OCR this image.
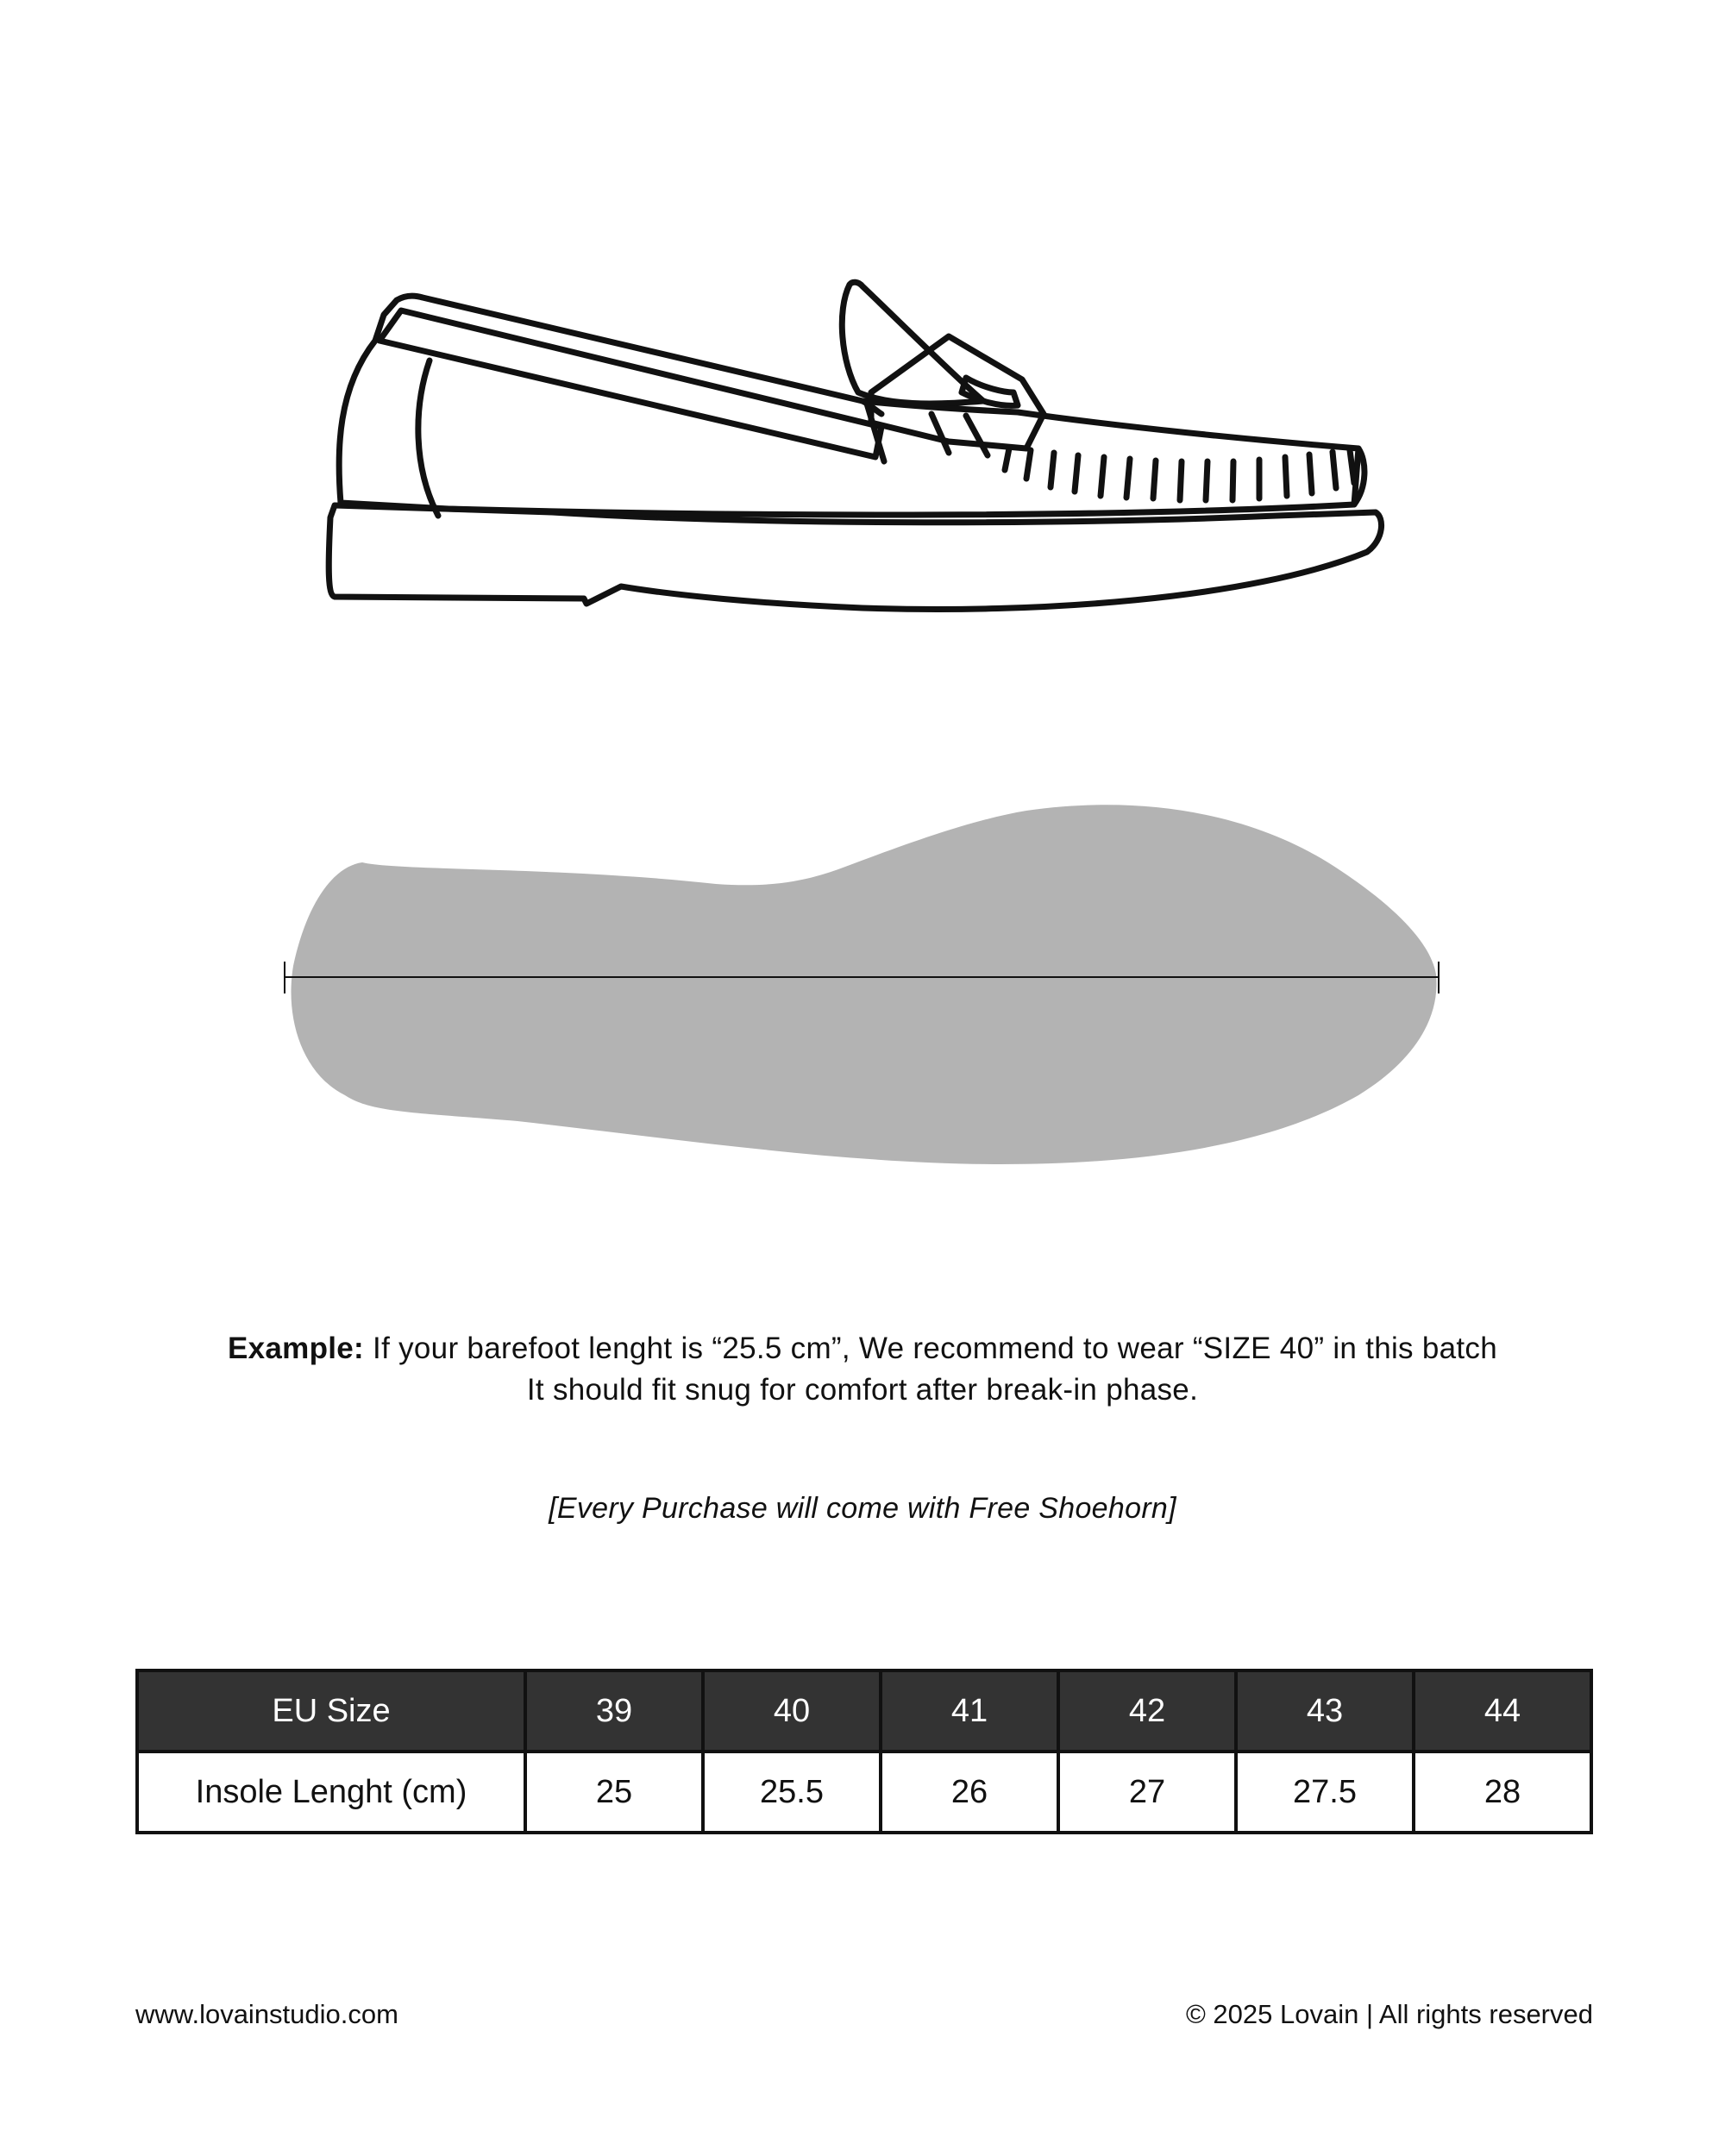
Example: If your barefoot lenght is “25.5 cm”, We recommend to wear “SIZE 40” in this batch
It should fit snug for comfort after break-in phase.
[Every Purchase will come with Free Shoehorn]
EU Size	39	40	41	42	43	44
Insole Lenght (cm)	25	25.5	26	27	27.5	28
www.lovainstudio.com	© 2025 Lovain | All rights reserved
